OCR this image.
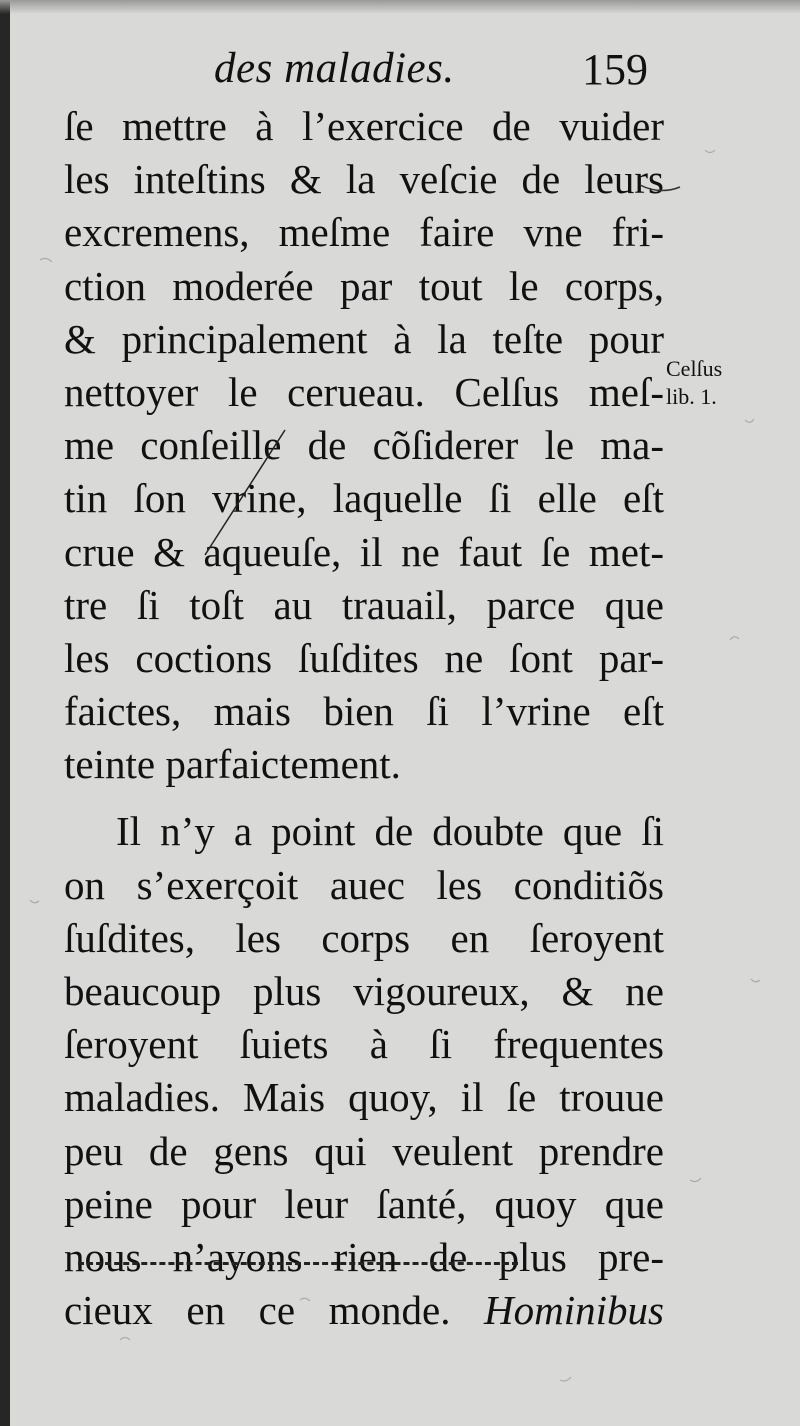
des maladies.	159
ſe mettre à l’exercice de vuider
les inteſtins & la veſcie de leurs
excremens, meſme faire vne fri-
ction moderée par tout le corps,
& principalement à la teſte pour
nettoyer le cerueau. Celſus meſ-
me conſeille de cõſiderer le ma-
tin ſon vrine, laquelle ſi elle eſt
crue & aqueuſe, il ne faut ſe met-
tre ſi toſt au trauail, parce que
les coctions ſuſdites ne ſont par-
faictes, mais bien ſi l’vrine eſt
teinte parfaictement.
Il n’y a point de doubte que ſi
on s’exerçoit auec les conditiõs
ſuſdites, les corps en ſeroyent
beaucoup plus vigoureux, & ne
ſeroyent ſuiets à ſi frequentes
maladies. Mais quoy, il ſe trouue
peu de gens qui veulent prendre
peine pour leur ſanté, quoy que
nous n’ayons rien de plus pre-
cieux en ce monde. Hominibus
Celſus
lib. 1.
